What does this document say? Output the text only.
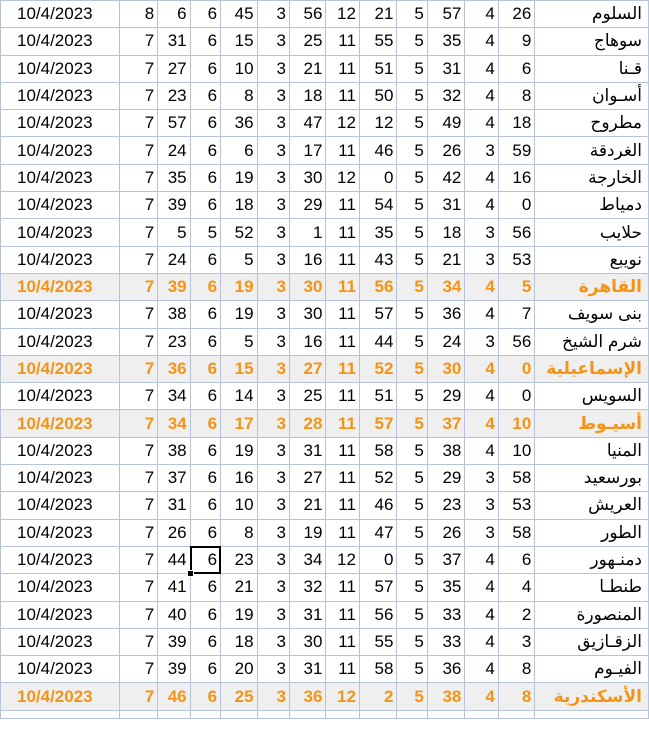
10/4/2023	8	6	6	45	3	56	12	21	5	57	4	26	السلوم
10/4/2023	7	31	6	15	3	25	11	55	5	35	4	9	سوهاج
10/4/2023	7	27	6	10	3	21	11	51	5	31	4	6	قـنا
10/4/2023	7	23	6	8	3	18	11	50	5	32	4	8	أسـوان
10/4/2023	7	57	6	36	3	47	12	12	5	49	4	18	مطروح
10/4/2023	7	24	6	6	3	17	11	46	5	26	3	59	الغردقة
10/4/2023	7	35	6	19	3	30	12	0	5	42	4	16	الخارجة
10/4/2023	7	39	6	18	3	29	11	54	5	31	4	0	دمياط
10/4/2023	7	5	5	52	3	1	11	35	5	18	3	56	حلايب
10/4/2023	7	24	6	5	3	16	11	43	5	21	3	53	نويبع
10/4/2023	7	39	6	19	3	30	11	56	5	34	4	5	القاهرة
10/4/2023	7	38	6	19	3	30	11	57	5	36	4	7	بنى سويف
10/4/2023	7	23	6	5	3	16	11	44	5	24	3	56	شرم الشيخ
10/4/2023	7	36	6	15	3	27	11	52	5	30	4	0	الإسماعيلية
10/4/2023	7	34	6	14	3	25	11	51	5	29	4	0	السويس
10/4/2023	7	34	6	17	3	28	11	57	5	37	4	10	أسيـوط
10/4/2023	7	38	6	19	3	31	11	58	5	38	4	10	المنيا
10/4/2023	7	37	6	16	3	27	11	52	5	29	3	58	بورسعيد
10/4/2023	7	31	6	10	3	21	11	46	5	23	3	53	العريش
10/4/2023	7	26	6	8	3	19	11	47	5	26	3	58	الطور
10/4/2023	7	44	6	23	3	34	12	0	5	37	4	6	دمنـهور
10/4/2023	7	41	6	21	3	32	11	57	5	35	4	4	طنطـا
10/4/2023	7	40	6	19	3	31	11	56	5	33	4	2	المنصورة
10/4/2023	7	39	6	18	3	30	11	55	5	33	4	3	الزقـازيق
10/4/2023	7	39	6	20	3	31	11	58	5	36	4	8	الفيـوم
10/4/2023	7	46	6	25	3	36	12	2	5	38	4	8	الأسكندرية
